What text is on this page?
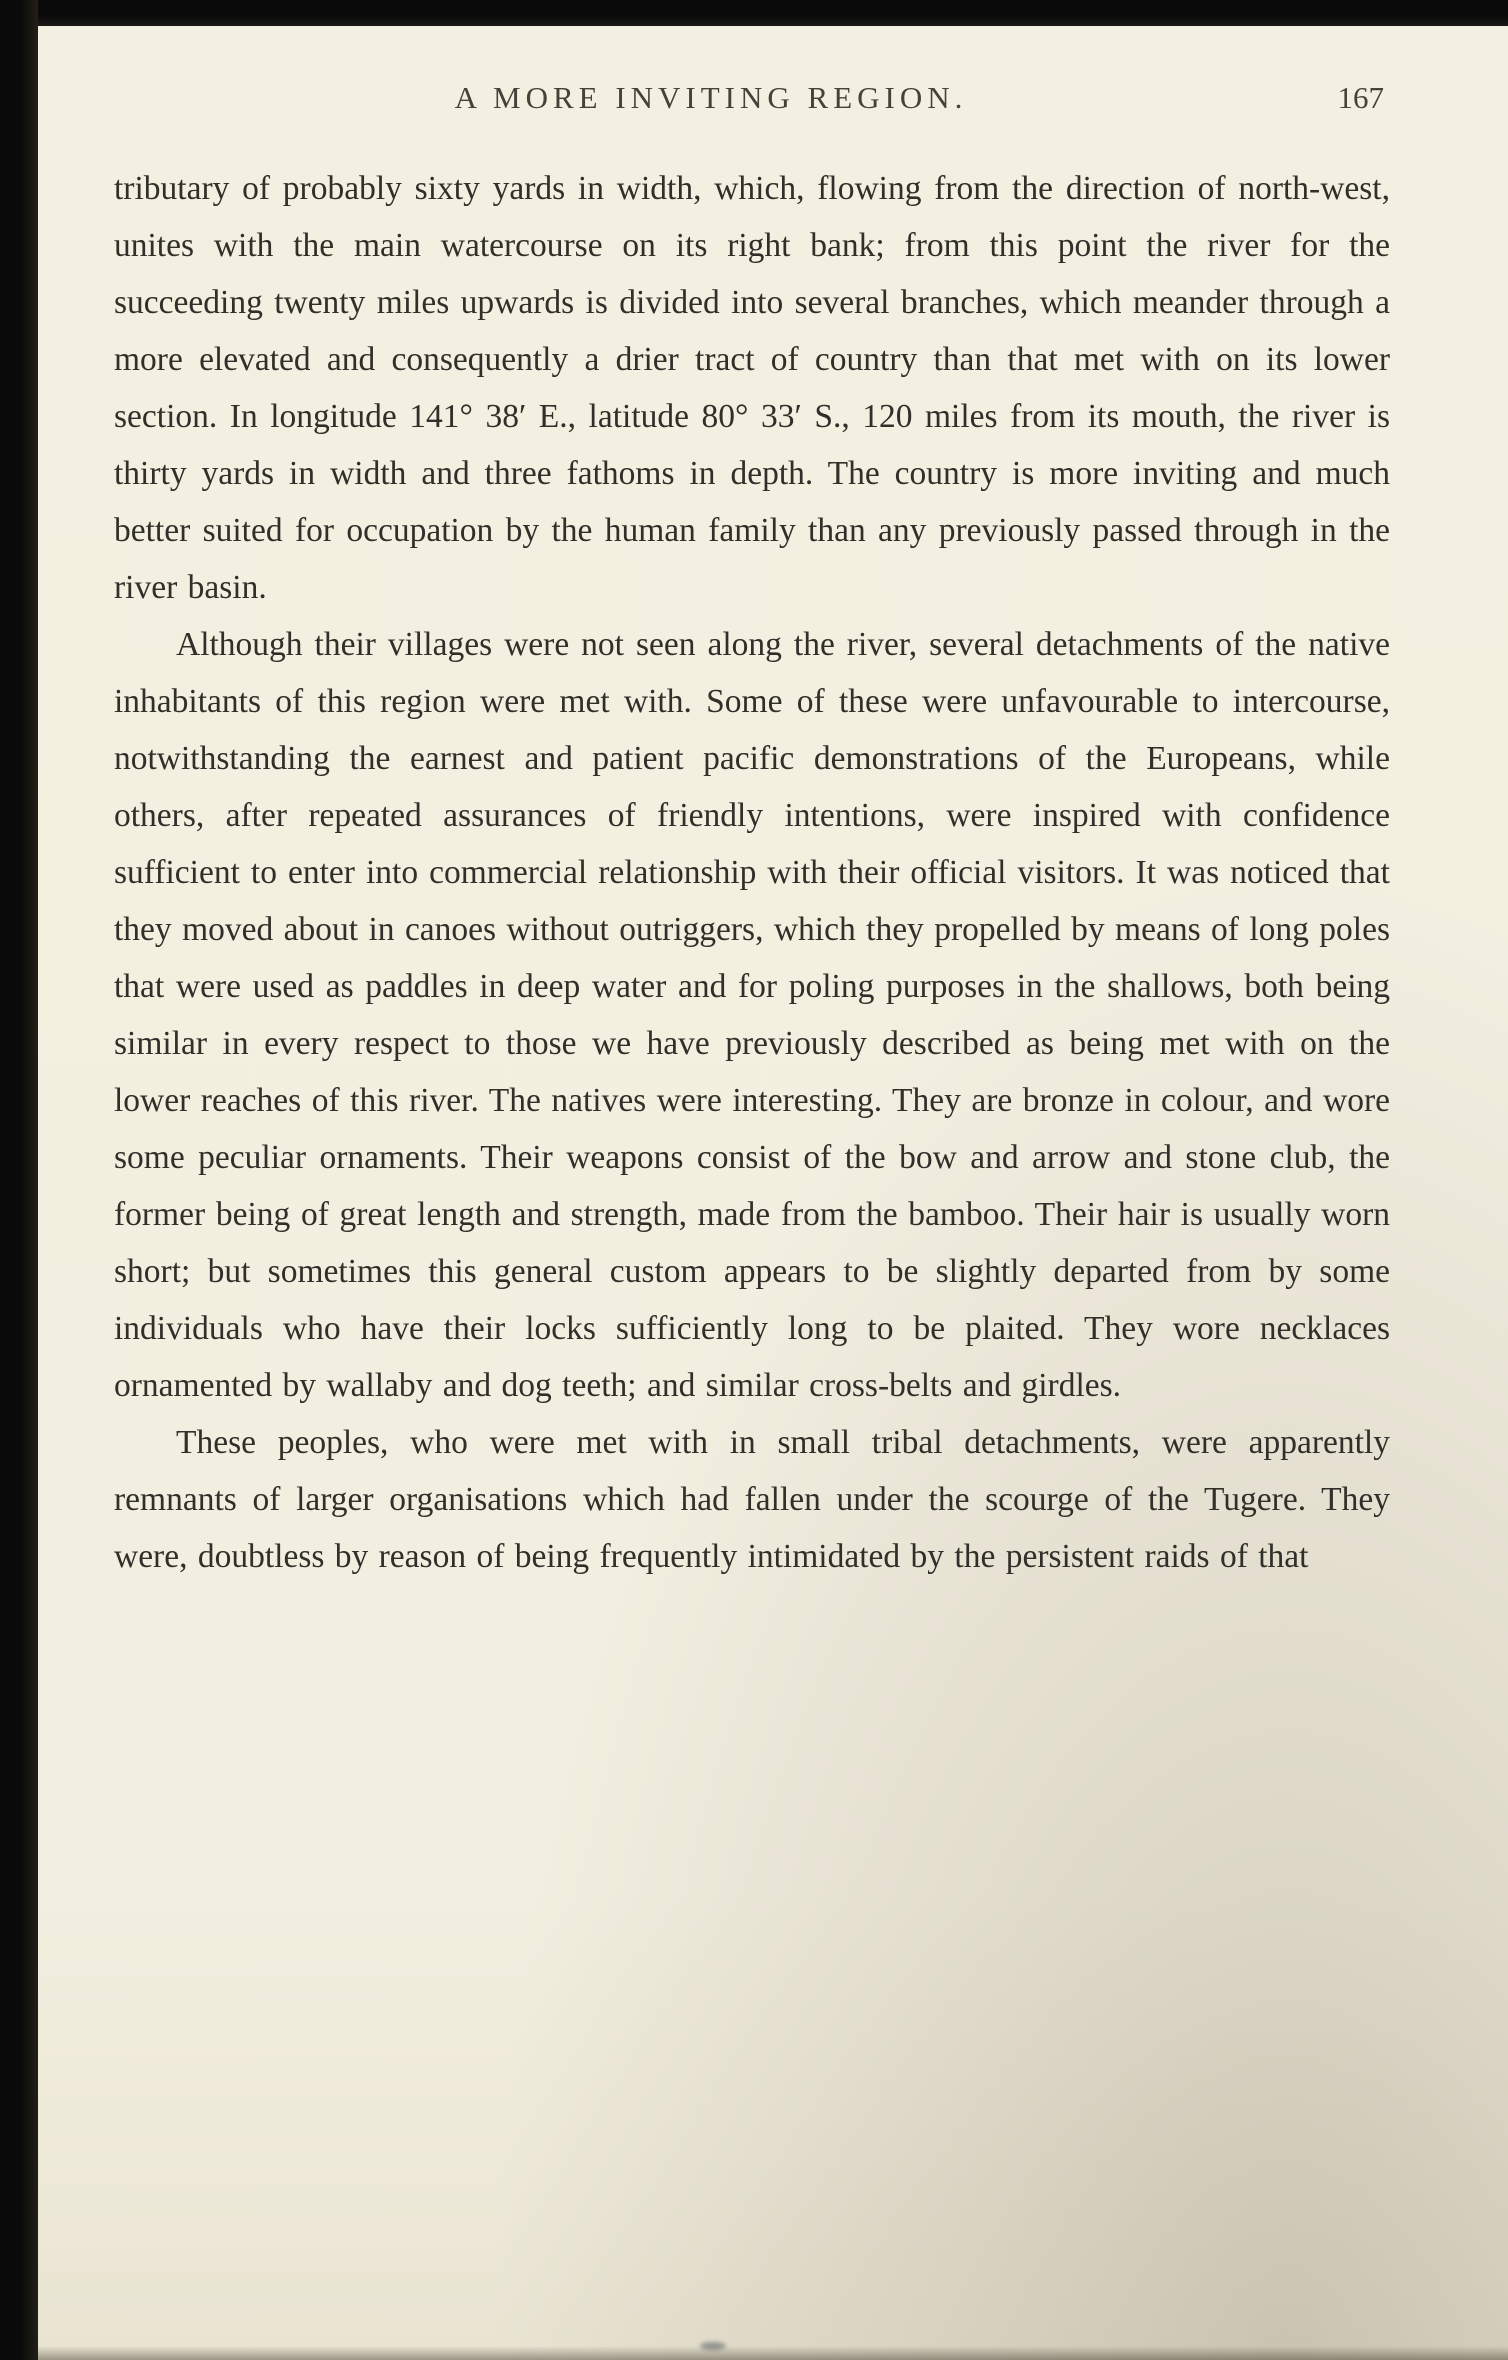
A MORE INVITING REGION.	167

tributary of probably sixty yards in width, which, flowing from the direction of north-west, unites with the main watercourse on its right bank; from this point the river for the succeeding twenty miles upwards is divided into several branches, which meander through a more elevated and consequently a drier tract of country than that met with on its lower section. In longitude 141° 38′ E., latitude 80° 33′ S., 120 miles from its mouth, the river is thirty yards in width and three fathoms in depth. The country is more inviting and much better suited for occupation by the human family than any previously passed through in the river basin.

Although their villages were not seen along the river, several detachments of the native inhabitants of this region were met with. Some of these were unfavourable to intercourse, notwithstanding the earnest and patient pacific demonstrations of the Europeans, while others, after repeated assurances of friendly intentions, were inspired with confidence sufficient to enter into commercial relationship with their official visitors. It was noticed that they moved about in canoes without outriggers, which they propelled by means of long poles that were used as paddles in deep water and for poling purposes in the shallows, both being similar in every respect to those we have previously described as being met with on the lower reaches of this river. The natives were interesting. They are bronze in colour, and wore some peculiar ornaments. Their weapons consist of the bow and arrow and stone club, the former being of great length and strength, made from the bamboo. Their hair is usually worn short; but sometimes this general custom appears to be slightly departed from by some individuals who have their locks sufficiently long to be plaited. They wore necklaces ornamented by wallaby and dog teeth; and similar cross-belts and girdles.

These peoples, who were met with in small tribal detachments, were apparently remnants of larger organisations which had fallen under the scourge of the Tugere. They were, doubtless by reason of being frequently intimidated by the persistent raids of that
